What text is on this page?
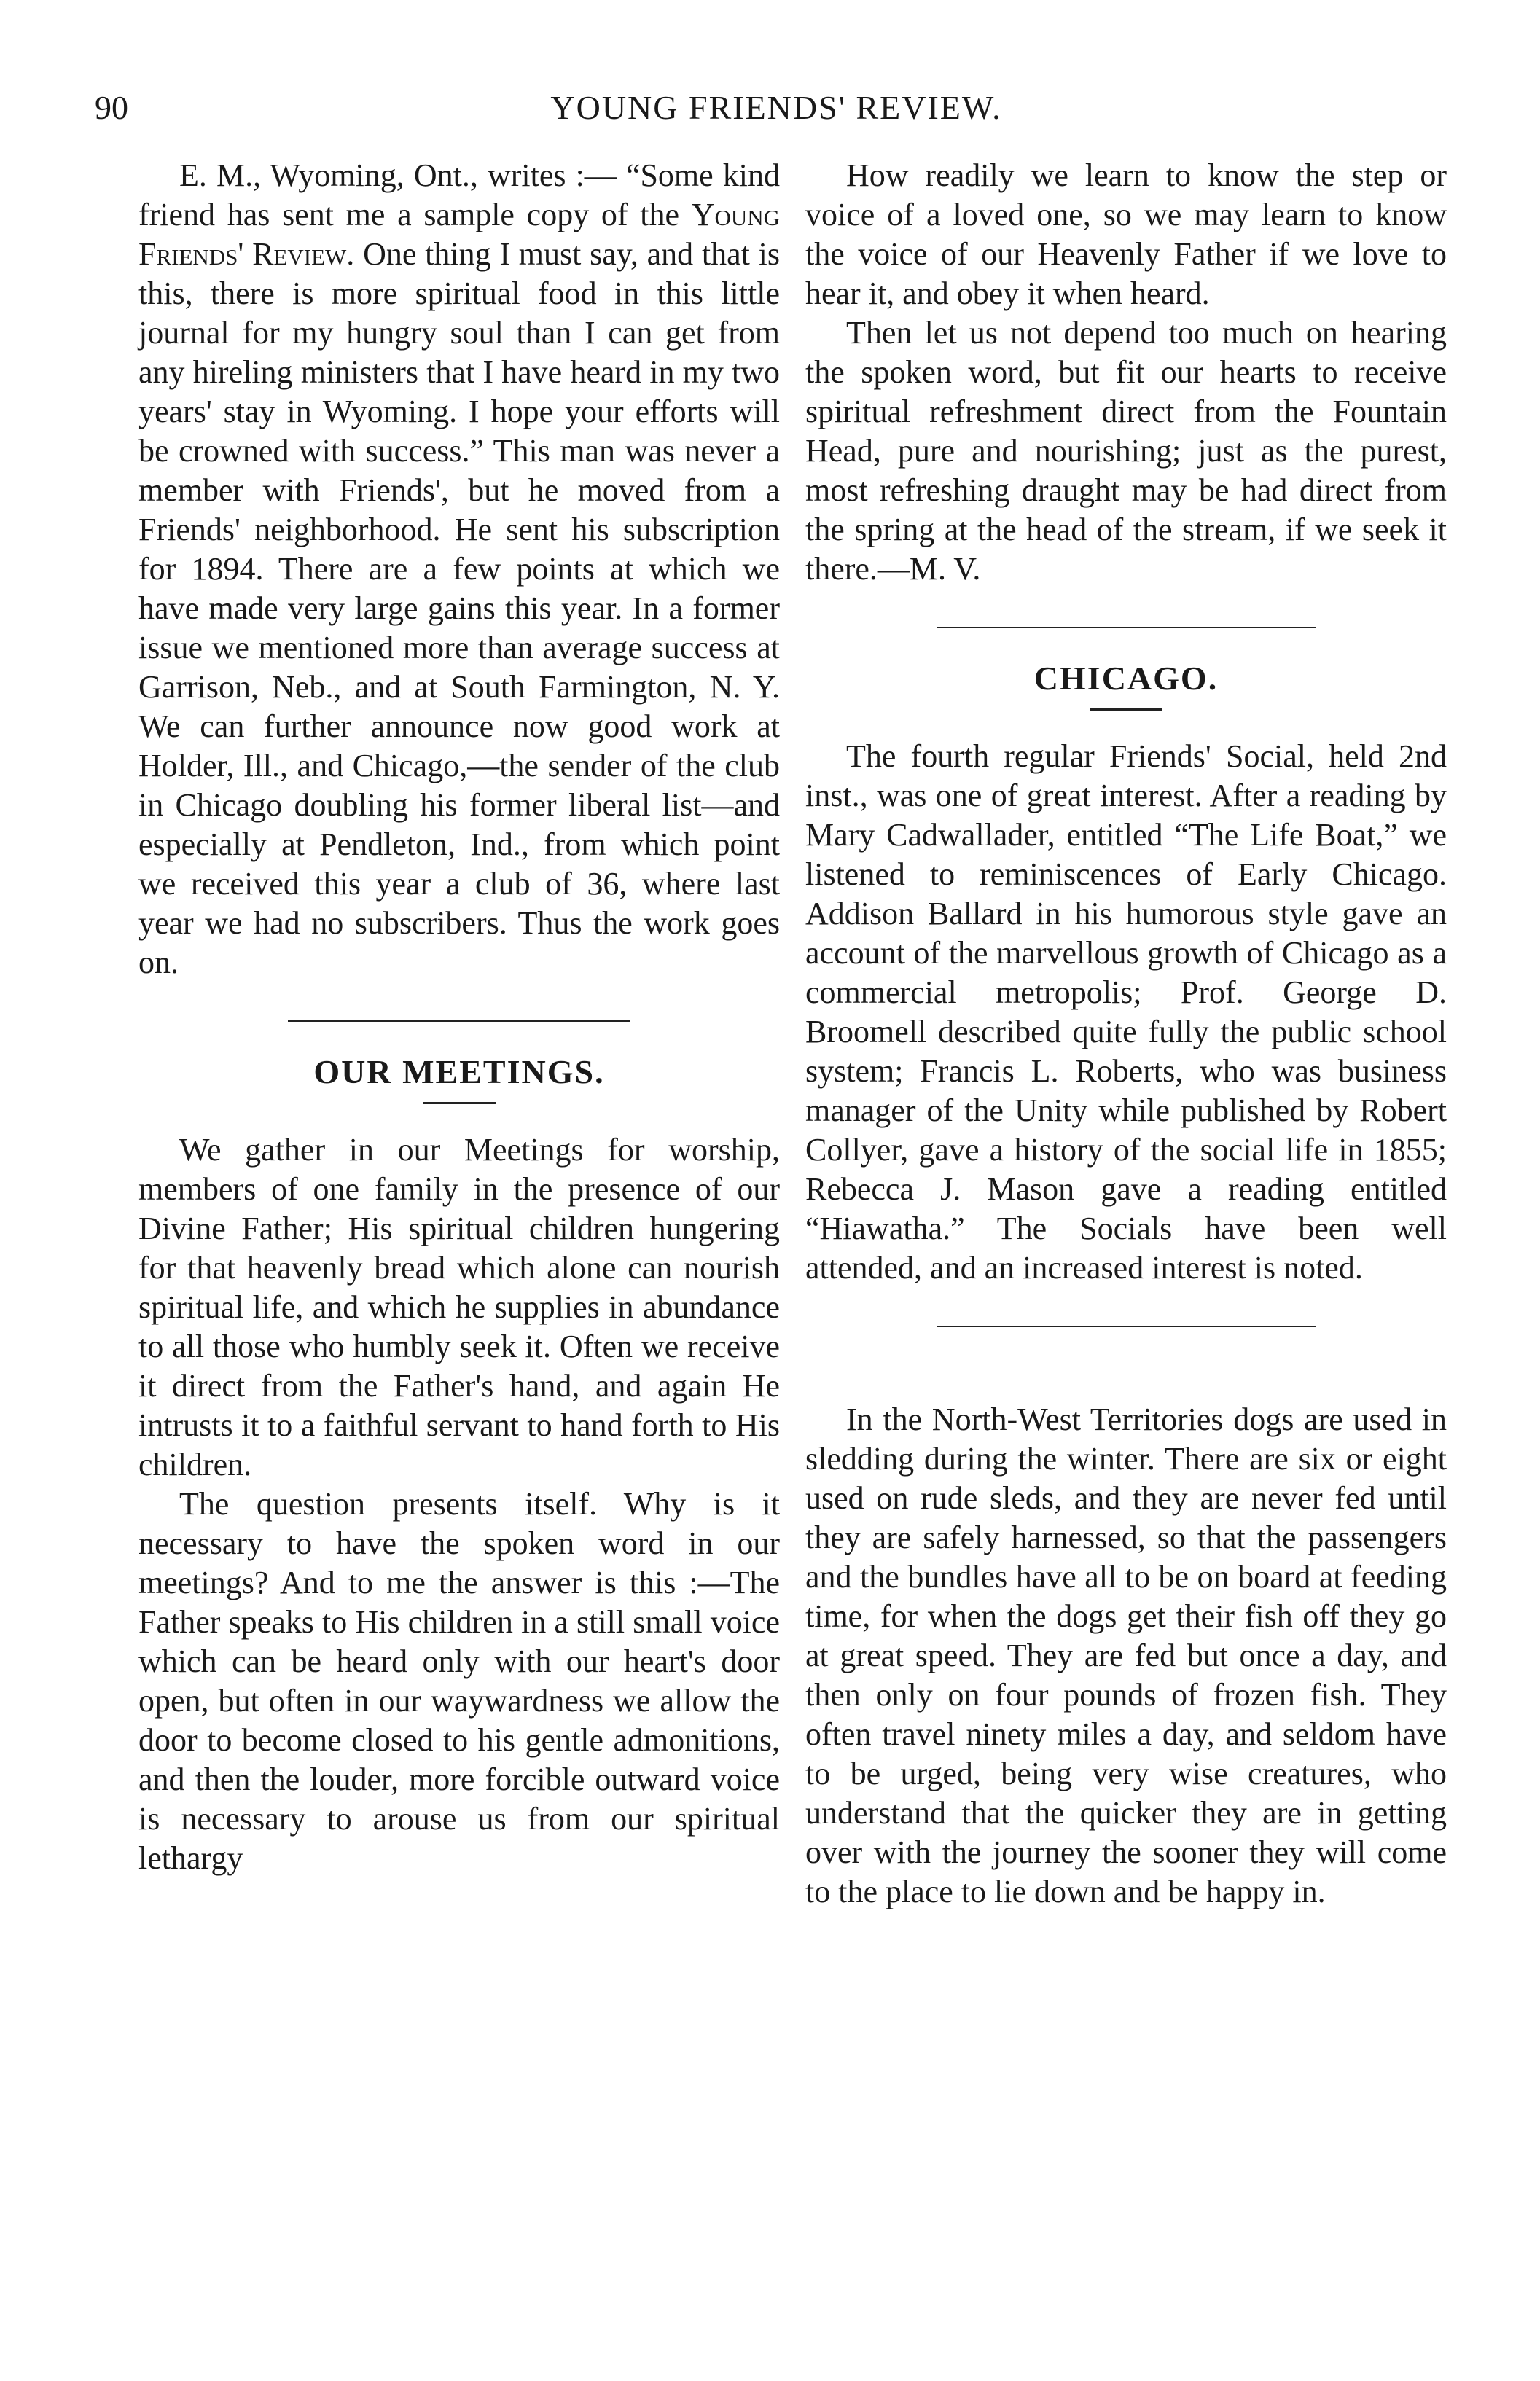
90	YOUNG FRIENDS' REVIEW.

E. M., Wyoming, Ont., writes :— “Some kind friend has sent me a sample copy of the Young Friends' Review. One thing I must say, and that is this, there is more spiritual food in this little journal for my hungry soul than I can get from any hireling ministers that I have heard in my two years' stay in Wyoming. I hope your efforts will be crowned with success.” This man was never a member with Friends', but he moved from a Friends' neighborhood. He sent his subscription for 1894. There are a few points at which we have made very large gains this year. In a former issue we mentioned more than average success at Garrison, Neb., and at South Farmington, N. Y. We can further announce now good work at Holder, Ill., and Chicago,—the sender of the club in Chicago doubling his former liberal list—and especially at Pendleton, Ind., from which point we received this year a club of 36, where last year we had no subscribers. Thus the work goes on.

OUR MEETINGS.

We gather in our Meetings for worship, members of one family in the presence of our Divine Father; His spiritual children hungering for that heavenly bread which alone can nourish spiritual life, and which he supplies in abundance to all those who humbly seek it. Often we receive it direct from the Father's hand, and again He intrusts it to a faithful servant to hand forth to His children.

The question presents itself. Why is it necessary to have the spoken word in our meetings? And to me the answer is this :—The Father speaks to His children in a still small voice which can be heard only with our heart's door open, but often in our waywardness we allow the door to become closed to his gentle admonitions, and then the louder, more forcible outward voice is necessary to arouse us from our spiritual lethargy

How readily we learn to know the step or voice of a loved one, so we may learn to know the voice of our Heavenly Father if we love to hear it, and obey it when heard.

Then let us not depend too much on hearing the spoken word, but fit our hearts to receive spiritual refreshment direct from the Fountain Head, pure and nourishing; just as the purest, most refreshing draught may be had direct from the spring at the head of the stream, if we seek it there.—M. V.

CHICAGO.

The fourth regular Friends' Social, held 2nd inst., was one of great interest. After a reading by Mary Cadwallader, entitled “The Life Boat,” we listened to reminiscences of Early Chicago. Addison Ballard in his humorous style gave an account of the marvellous growth of Chicago as a commercial metropolis; Prof. George D. Broomell described quite fully the public school system; Francis L. Roberts, who was business manager of the Unity while published by Robert Collyer, gave a history of the social life in 1855; Rebecca J. Mason gave a reading entitled “Hiawatha.” The Socials have been well attended, and an increased interest is noted.

In the North-West Territories dogs are used in sledding during the winter. There are six or eight used on rude sleds, and they are never fed until they are safely harnessed, so that the passengers and the bundles have all to be on board at feeding time, for when the dogs get their fish off they go at great speed. They are fed but once a day, and then only on four pounds of frozen fish. They often travel ninety miles a day, and seldom have to be urged, being very wise creatures, who understand that the quicker they are in getting over with the journey the sooner they will come to the place to lie down and be happy in.
